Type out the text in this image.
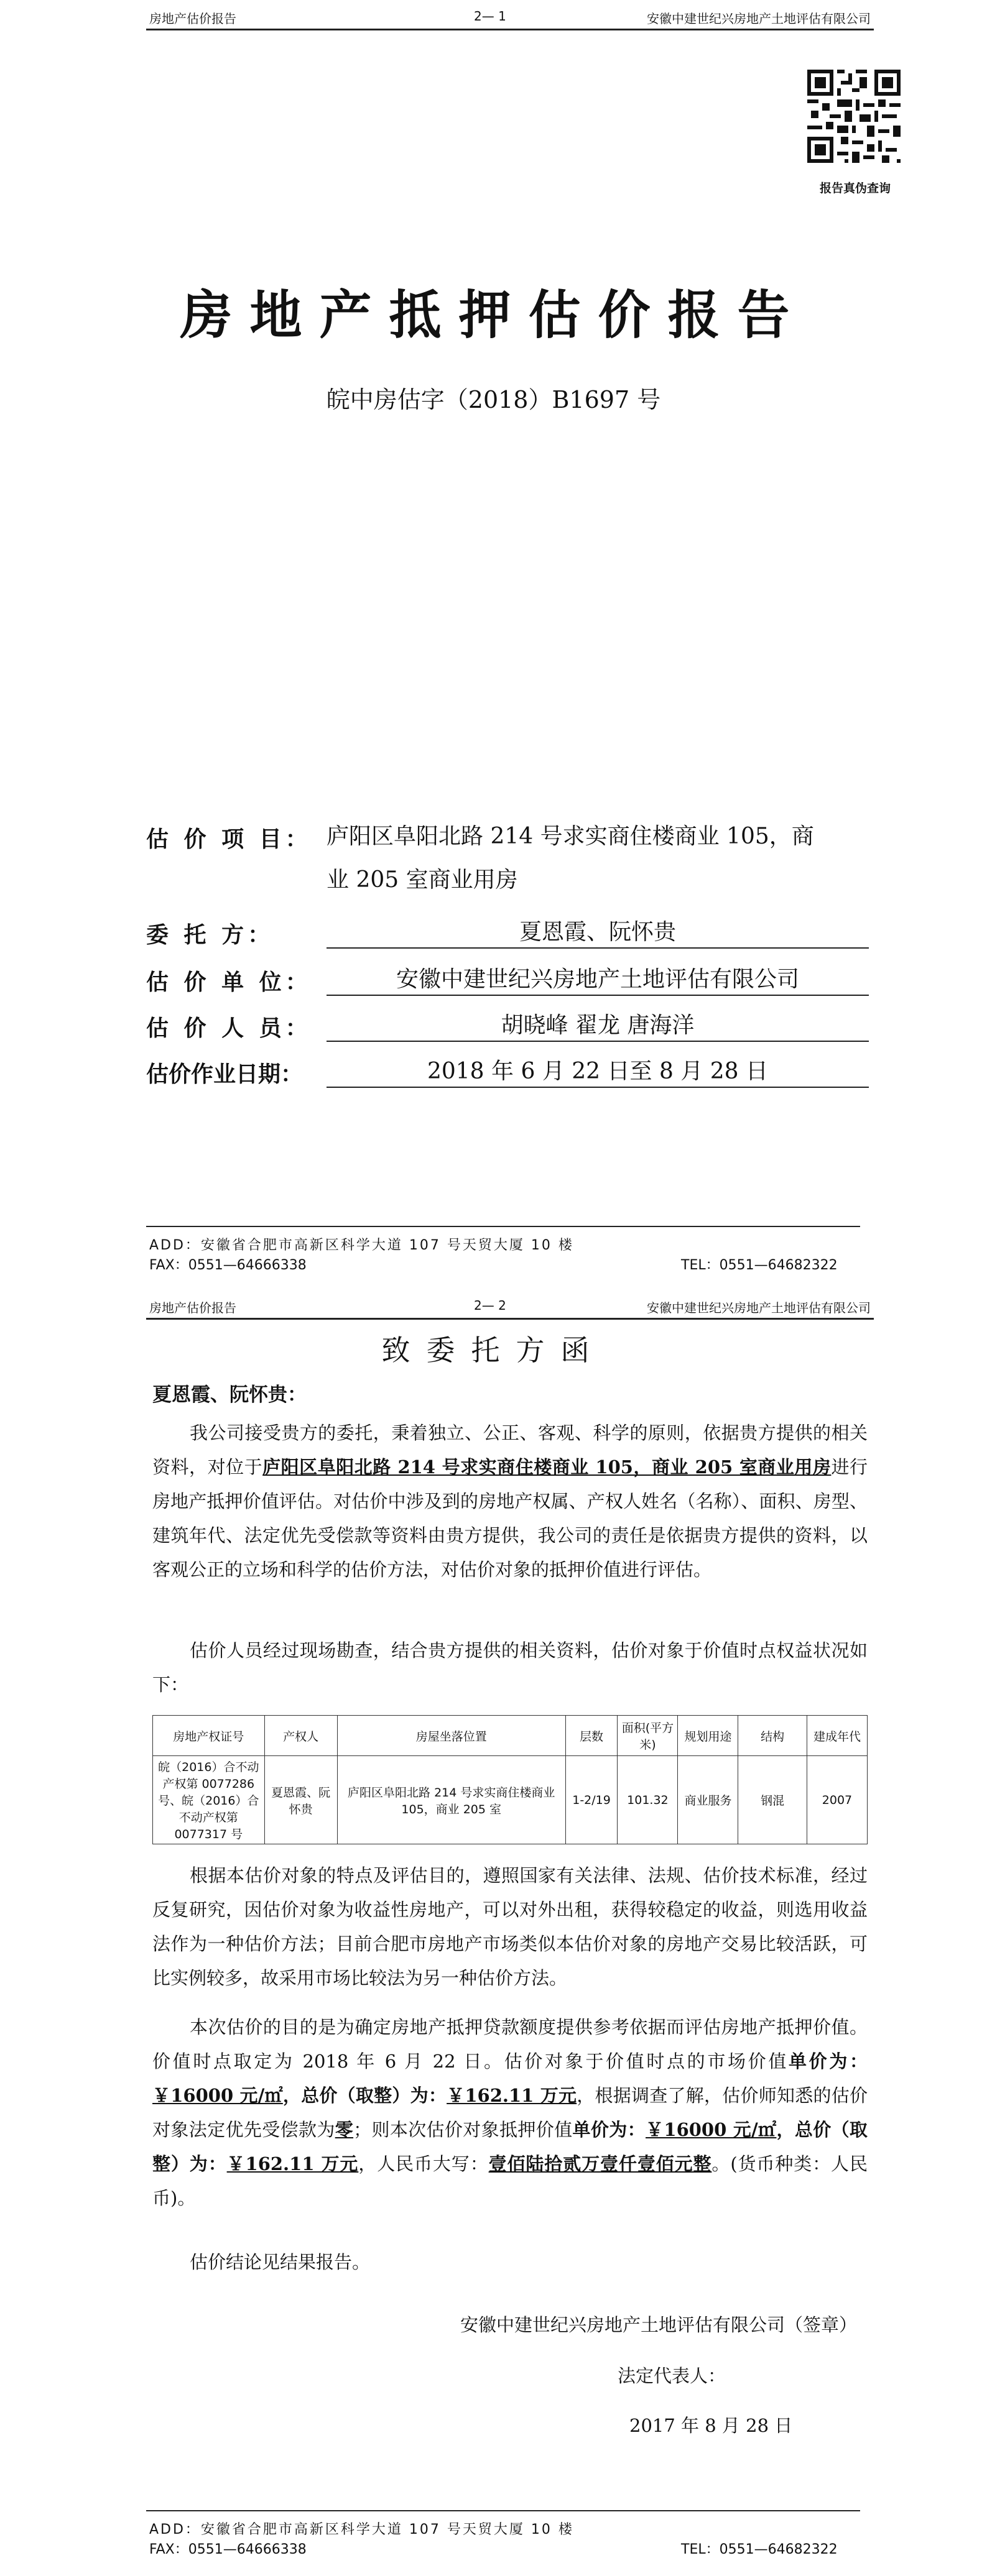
房地产估价报告	2— 1	安徽中建世纪兴房地产土地评估有限公司
报告真伪查询
房地产抵押估价报告
皖中房估字（2018）B1697 号
估 价 项 目： 庐阳区阜阳北路 214 号求实商住楼商业 105，商
业 205 室商业用房
委 托 方：	夏恩霞、阮怀贵
估 价 单 位：	安徽中建世纪兴房地产土地评估有限公司
估 价 人 员：	胡晓峰 翟龙 唐海洋
估价作业日期：	2018 年 6 月 22 日至 8 月 28 日
ADD：安徽省合肥市高新区科学大道 107 号天贸大厦 10 楼
FAX：0551—64666338	TEL：0551—64682322
房地产估价报告	2— 2	安徽中建世纪兴房地产土地评估有限公司
致委托方函
夏恩霞、阮怀贵：
我公司接受贵方的委托，秉着独立、公正、客观、科学的原则，依据贵方提供的相关资料，对位于庐阳区阜阳北路 214 号求实商住楼商业 105，商业 205 室商业用房进行房地产抵押价值评估。对估价中涉及到的房地产权属、产权人姓名（名称）、面积、房型、建筑年代、法定优先受偿款等资料由贵方提供，我公司的责任是依据贵方提供的资料，以客观公正的立场和科学的估价方法，对估价对象的抵押价值进行评估。
估价人员经过现场勘查，结合贵方提供的相关资料，估价对象于价值时点权益状况如下：
房地产权证号	产权人	房屋坐落位置	层数	面积(平方米)	规划用途	结构	建成年代
皖（2016）合不动产权第 0077286 号、皖（2016）合不动产权第 0077317 号	夏恩霞、阮怀贵	庐阳区阜阳北路 214 号求实商住楼商业 105，商业 205 室	1-2/19	101.32	商业服务	钢混	2007
根据本估价对象的特点及评估目的，遵照国家有关法律、法规、估价技术标准，经过反复研究，因估价对象为收益性房地产，可以对外出租，获得较稳定的收益，则选用收益法作为一种估价方法；目前合肥市房地产市场类似本估价对象的房地产交易比较活跃，可比实例较多，故采用市场比较法为另一种估价方法。
本次估价的目的是为确定房地产抵押贷款额度提供参考依据而评估房地产抵押价值。价值时点取定为 2018 年 6 月 22 日。估价对象于价值时点的市场价值单价为：￥16000 元/㎡，总价（取整）为：￥162.11 万元，根据调查了解，估价师知悉的估价对象法定优先受偿款为零；则本次估价对象抵押价值单价为：￥16000 元/㎡，总价（取整）为：￥162.11 万元，人民币大写：壹佰陆拾贰万壹仟壹佰元整。(货币种类：人民币)。
估价结论见结果报告。
安徽中建世纪兴房地产土地评估有限公司（签章）
法定代表人：
2017 年 8 月 28 日
ADD：安徽省合肥市高新区科学大道 107 号天贸大厦 10 楼
FAX：0551—64666338	TEL：0551—64682322
